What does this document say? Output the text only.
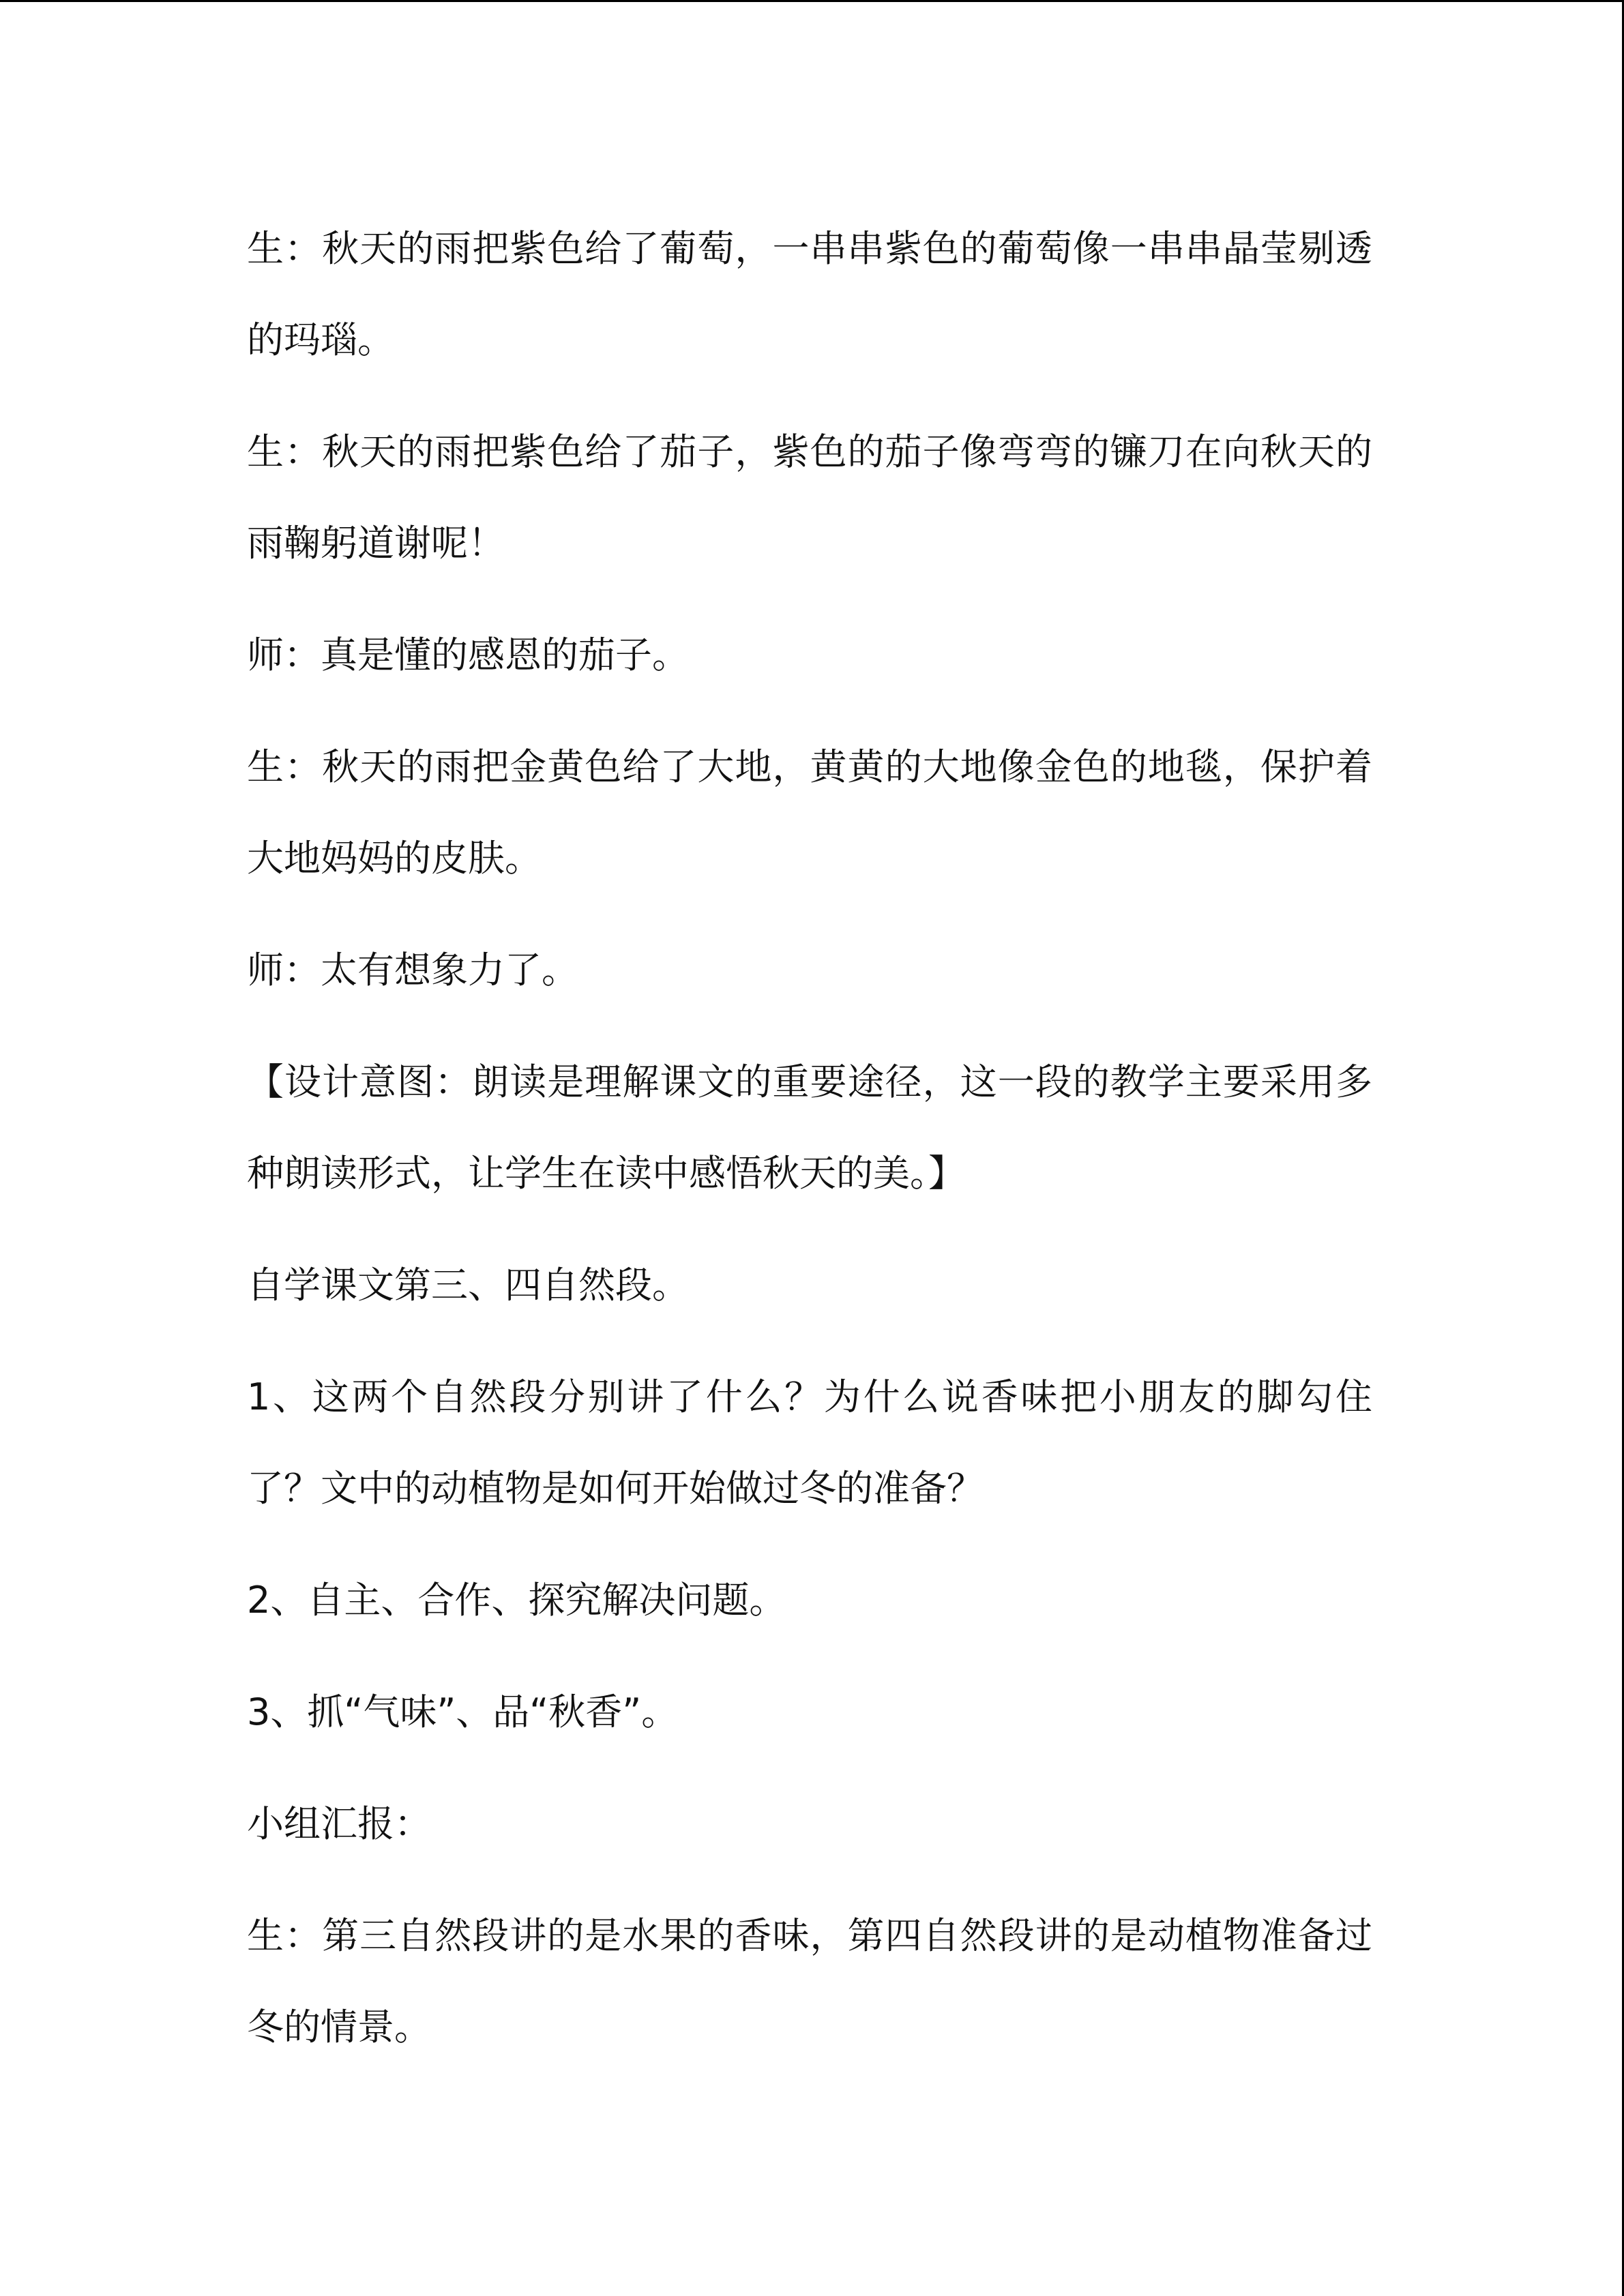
生：秋天的雨把紫色给了葡萄，一串串紫色的葡萄像一串串晶莹剔透的玛瑙。

生：秋天的雨把紫色给了茄子，紫色的茄子像弯弯的镰刀在向秋天的雨鞠躬道谢呢！

师：真是懂的感恩的茄子。

生：秋天的雨把金黄色给了大地，黄黄的大地像金色的地毯，保护着大地妈妈的皮肤。

师：太有想象力了。

【设计意图：朗读是理解课文的重要途径，这一段的教学主要采用多种朗读形式，让学生在读中感悟秋天的美。】

自学课文第三、四自然段。

1、这两个自然段分别讲了什么？为什么说香味把小朋友的脚勾住了？文中的动植物是如何开始做过冬的准备？

2、自主、合作、探究解决问题。

3、抓“气味”、品“秋香”。

小组汇报：

生：第三自然段讲的是水果的香味，第四自然段讲的是动植物准备过冬的情景。
